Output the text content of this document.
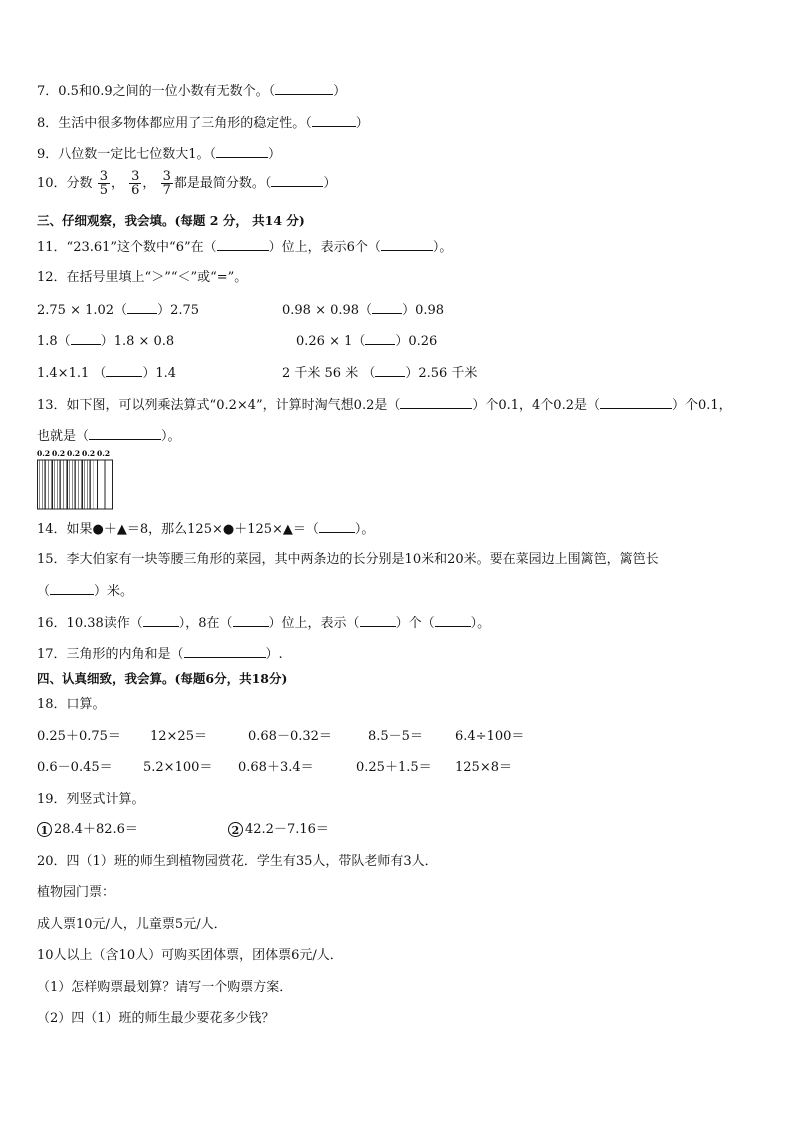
7．0.5和0.9之间的一位小数有无数个。（	）
8．生活中很多物体都应用了三角形的稳定性。（	）
9．八位数一定比七位数大1。（	）
10．分数 $\frac{3}{5}$ ， $\frac{3}{6}$ ， $\frac{3}{7}$ 都是最简分数。（	）
三、仔细观察，我会填。(每题 2 分， 共14 分)
11．“23.61”这个数中“6”在（	）位上，表示6个（	）。
12．在括号里填上“＞”“＜”或“=”。
2.75 × 1.02（ ）2.75	0.98 × 0.98（ ）0.98
1.8（ ）1.8 × 0.8	0.26 × 1（ ）0.26
1.4×1.1 （	）1.4	2 千米 56 米 （ ）2.56 千米
13．如下图，可以列乘法算式“0.2×4”，计算时淘气想0.2是（	）个0.1，4个0.2是（	）个0.1，
也就是（	）。
0.2 0.2 0.2 0.2 0.2
14．如果●＋▲＝8，那么125×●＋125×▲＝（	）。
15．李大伯家有一块等腰三角形的菜园，其中两条边的长分别是10米和20米。要在菜园边上围篱笆，篱笆长
（	）米。
16．10.38读作（	），8在（	）位上，表示（	）个（	）。
17．三角形的内角和是（	）.
四、认真细致，我会算。(每题6分，共18分)
18．口算。
0.25＋0.75＝ 12×25＝	0.68－0.32＝	8.5－5＝ 6.4÷100＝
0.6－0.45＝ 5.2×100＝ 0.68＋3.4＝	0.25＋1.5＝ 125×8＝
19．列竖式计算。
1 28.4＋82.6＝	2 42.2－7.16＝
20．四（1）班的师生到植物园赏花．学生有35人，带队老师有3人．
植物园门票：
成人票10元/人，儿童票5元/人．
10人以上（含10人）可购买团体票，团体票6元/人．
（1）怎样购票最划算？请写一个购票方案．
（2）四（1）班的师生最少要花多少钱？
